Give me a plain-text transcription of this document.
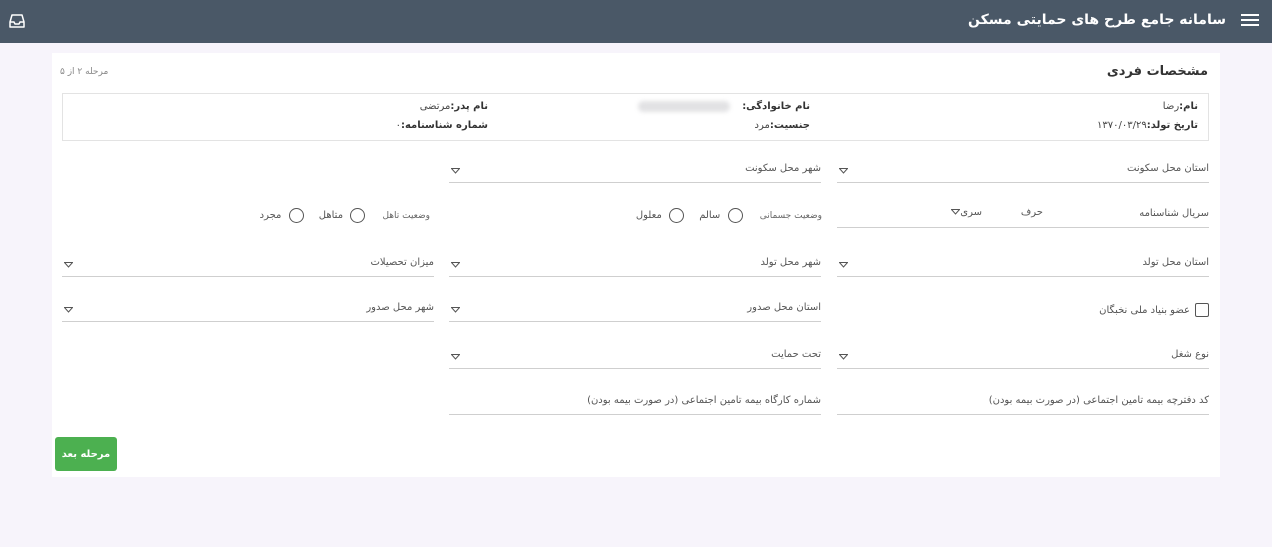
سامانه جامع طرح های حمایتی مسکن
مشخصات فردی
مرحله ۲ از ۵
نام:رضا
تاریخ تولد:۱۳۷۰/۰۳/۲۹
نام خانوادگی:
جنسیت:مرد
نام پدر:مرتضی
شماره شناسنامه:۰
استان محل سکونت
شهر محل سکونت
سریال شناسنامه
حرف
سری
وضعیت جسمانی  سالم  معلول
وضعیت تاهل  متاهل  مجرد
استان محل تولد
شهر محل تولد
میزان تحصیلات
عضو بنیاد ملی نخبگان
استان محل صدور
شهر محل صدور
نوع شغل
تحت حمایت
کد دفترچه بیمه تامین اجتماعی (در صورت بیمه بودن)
شماره کارگاه بیمه تامین اجتماعی (در صورت بیمه بودن)
مرحله بعد
